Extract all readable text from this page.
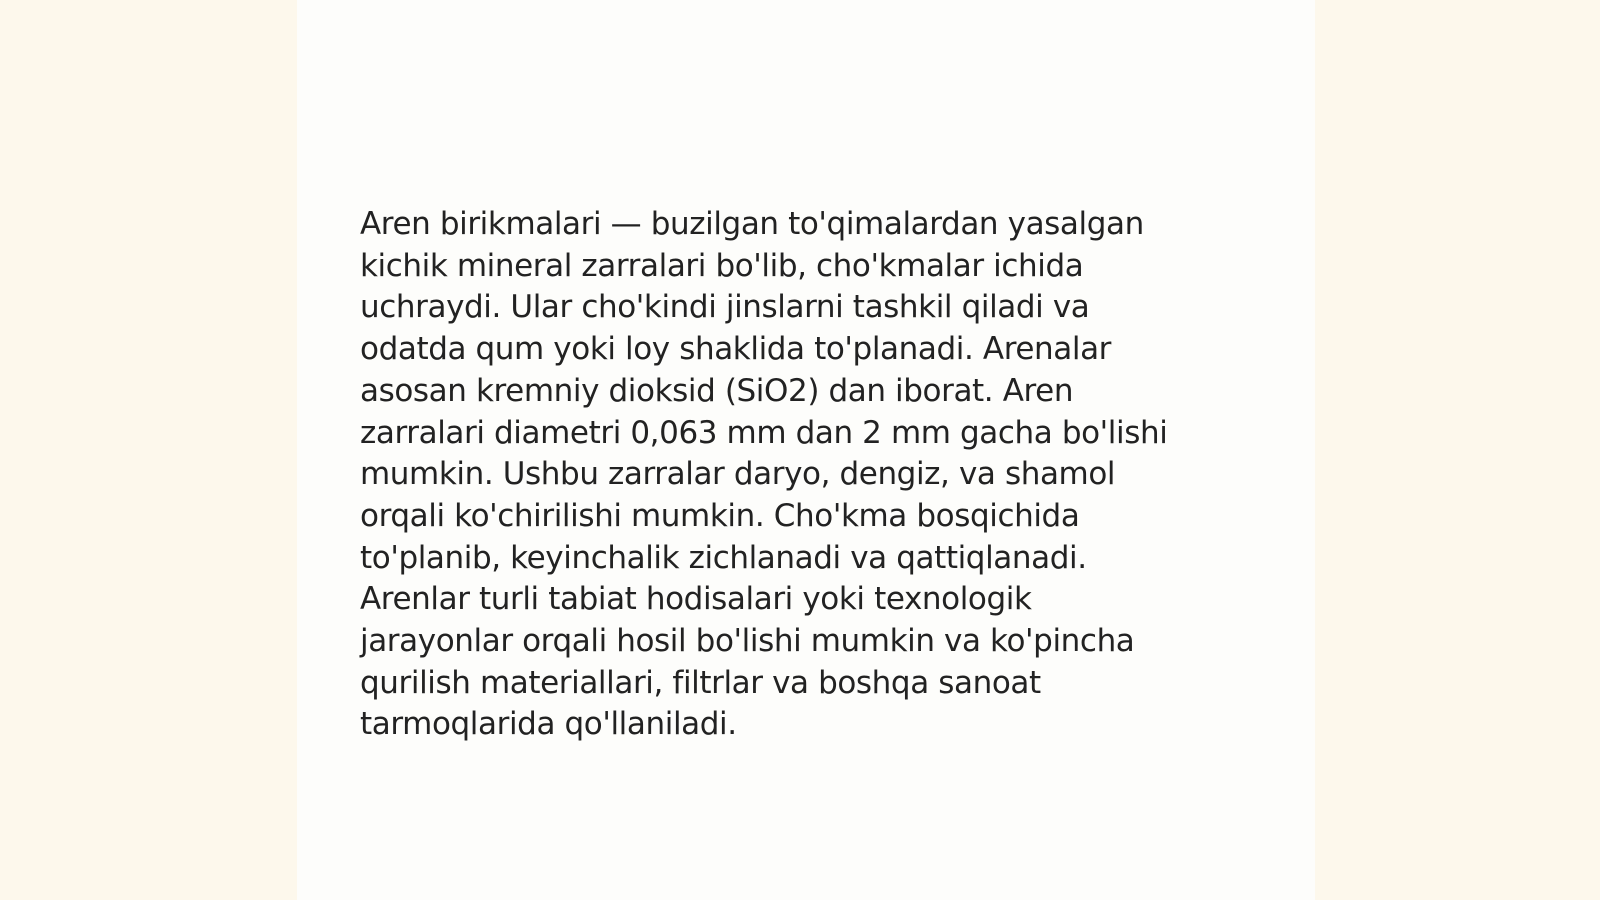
Aren birikmalari — buzilgan to'qimalardan yasalgan
kichik mineral zarralari bo'lib, cho'kmalar ichida
uchraydi. Ular cho'kindi jinslarni tashkil qiladi va
odatda qum yoki loy shaklida to'planadi. Arenalar
asosan kremniy dioksid (SiO2) dan iborat. Aren
zarralari diametri 0,063 mm dan 2 mm gacha bo'lishi
mumkin. Ushbu zarralar daryo, dengiz, va shamol
orqali ko'chirilishi mumkin. Cho'kma bosqichida
to'planib, keyinchalik zichlanadi va qattiqlanadi.
Arenlar turli tabiat hodisalari yoki texnologik
jarayonlar orqali hosil bo'lishi mumkin va ko'pincha
qurilish materiallari, filtrlar va boshqa sanoat
tarmoqlarida qo'llaniladi.
